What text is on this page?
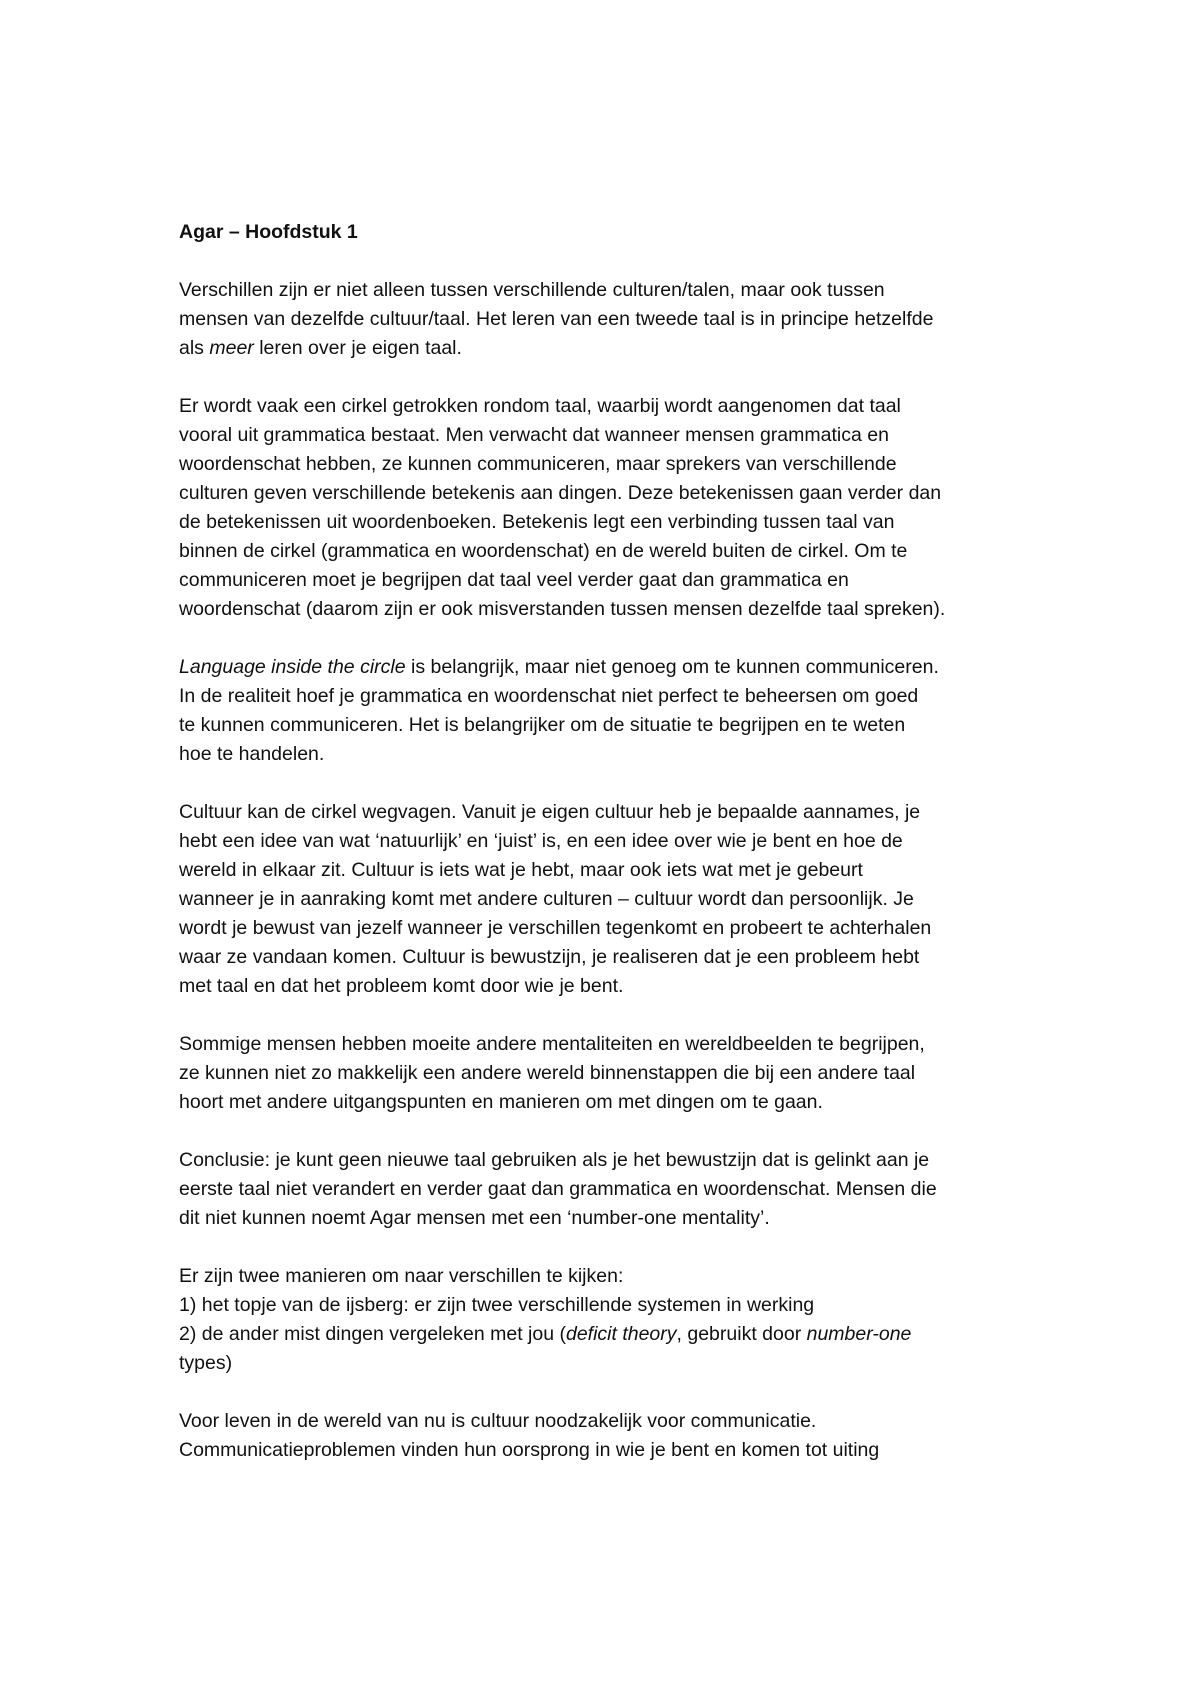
Agar – Hoofdstuk 1
Verschillen zijn er niet alleen tussen verschillende culturen/talen, maar ook tussen
mensen van dezelfde cultuur/taal. Het leren van een tweede taal is in principe hetzelfde
als meer leren over je eigen taal.
Er wordt vaak een cirkel getrokken rondom taal, waarbij wordt aangenomen dat taal
vooral uit grammatica bestaat. Men verwacht dat wanneer mensen grammatica en
woordenschat hebben, ze kunnen communiceren, maar sprekers van verschillende
culturen geven verschillende betekenis aan dingen. Deze betekenissen gaan verder dan
de betekenissen uit woordenboeken. Betekenis legt een verbinding tussen taal van
binnen de cirkel (grammatica en woordenschat) en de wereld buiten de cirkel. Om te
communiceren moet je begrijpen dat taal veel verder gaat dan grammatica en
woordenschat (daarom zijn er ook misverstanden tussen mensen dezelfde taal spreken).
Language inside the circle is belangrijk, maar niet genoeg om te kunnen communiceren.
In de realiteit hoef je grammatica en woordenschat niet perfect te beheersen om goed
te kunnen communiceren. Het is belangrijker om de situatie te begrijpen en te weten
hoe te handelen.
Cultuur kan de cirkel wegvagen. Vanuit je eigen cultuur heb je bepaalde aannames, je
hebt een idee van wat ‘natuurlijk’ en ‘juist’ is, en een idee over wie je bent en hoe de
wereld in elkaar zit. Cultuur is iets wat je hebt, maar ook iets wat met je gebeurt
wanneer je in aanraking komt met andere culturen – cultuur wordt dan persoonlijk. Je
wordt je bewust van jezelf wanneer je verschillen tegenkomt en probeert te achterhalen
waar ze vandaan komen. Cultuur is bewustzijn, je realiseren dat je een probleem hebt
met taal en dat het probleem komt door wie je bent.
Sommige mensen hebben moeite andere mentaliteiten en wereldbeelden te begrijpen,
ze kunnen niet zo makkelijk een andere wereld binnenstappen die bij een andere taal
hoort met andere uitgangspunten en manieren om met dingen om te gaan.
Conclusie: je kunt geen nieuwe taal gebruiken als je het bewustzijn dat is gelinkt aan je
eerste taal niet verandert en verder gaat dan grammatica en woordenschat. Mensen die
dit niet kunnen noemt Agar mensen met een ‘number-one mentality’.
Er zijn twee manieren om naar verschillen te kijken:
1) het topje van de ijsberg: er zijn twee verschillende systemen in werking
2) de ander mist dingen vergeleken met jou (deficit theory, gebruikt door number-one
types)
Voor leven in de wereld van nu is cultuur noodzakelijk voor communicatie.
Communicatieproblemen vinden hun oorsprong in wie je bent en komen tot uiting
